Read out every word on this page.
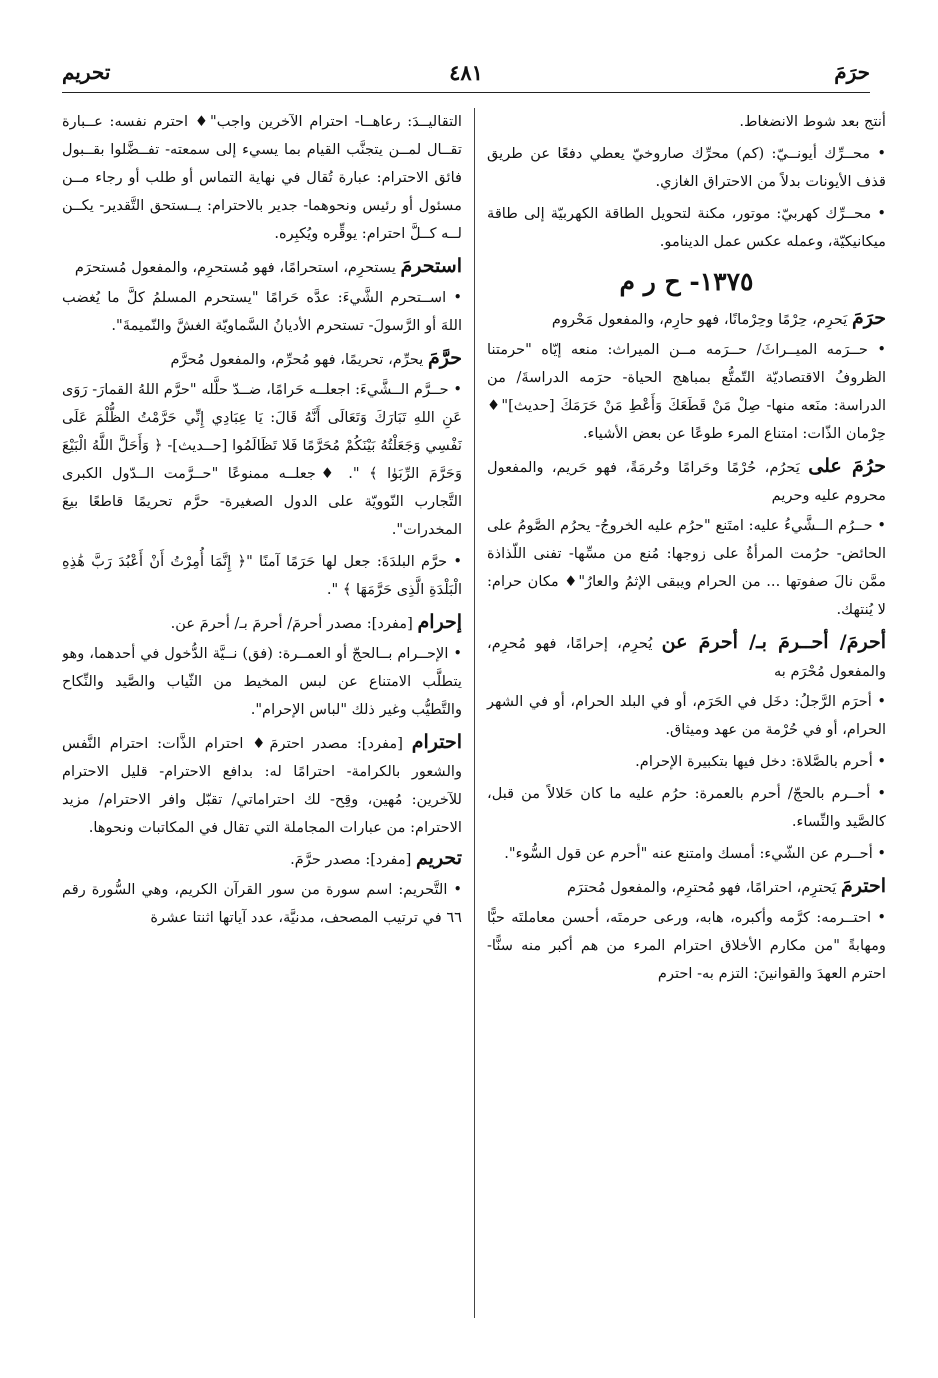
حرَمَ
٤٨١
تحريم

أنتج بعد شوط الانضغاط.

• محــرِّك أيونــيّ: (كم) محرِّك صاروخيّ يعطي دفعًا عن طريق قذف الأيونات بدلاً من الاحتراق الغازي.

• محــرِّك كهربيّ: موتور، مكنة لتحويل الطاقة الكهربيّة إلى طاقة ميكانيكيّة، وعمله عكس عمل الدينامو.

١٣٧٥- ح ر م

حرَمَ يَحرِم، حِرْمًا وحِرْمانًا، فهو حارِم، والمفعول مَحْروم

• حــرَمه الميــراثَ/ حــرَمه مــن الميراث: منعه إيّاه "حرمتنا الظروفُ الاقتصاديّة التّمتُّع بمباهج الحياة- حرَمه الدراسةَ/ من الدراسة: منَعه منها- صِلْ مَنْ قَطَعَكَ وَأَعْطِ مَنْ حَرَمَكَ [حديث]"♦ حِرْمان الذّات: امتناع المرء طوعًا عن بعض الأشياء.

حرُمَ على يَحرُم، حُرْمًا وحَرامًا وحُرمَةً، فهو حَريم، والمفعول محروم عليه وحريم

• حــرُم الــشَّيءُ عليه: امتَنع "حرُم عليه الخروجُ- يحرُم الصَّومُ على الحائض- حرُمت المرأةُ على زوجها: مُنع من مسِّها- تفنى اللّذاذة ممَّن نالَ صفوتها ... من الحرام ويبقى الإثمُ والعارُ"♦ مكان حرام: لا يُنتهك.

أحرمَ/ أحــرمَ بـ/ أحرمَ عن يُحرِم، إحرامًا، فهو مُحرِم، والمفعول مُحْرَم به

• أحرَم الرَّجلُ: دخَل في الحَرَم، أو في البلد الحرام، أو في الشهر الحرام، أو في حُرْمة من عهد وميثاق.

• أحرم بالصَّلاة: دخل فيها بتكبيرة الإحرام.

• أحــرم بالحجّ/ أحرم بالعمرة: حرُم عليه ما كان حَلالاً من قبل، كالصَّيد والنِّساء.

• أحــرم عن الشّيء: أمسك وامتنع عنه "أحرم عن قول السُّوء".

احترمَ يَحترِم، احترامًا، فهو مُحترِم، والمفعول مُحترَم

• احتــرمه: كرَّمه وأكبره، هابه، ورعى حرمتَه، أحسن معاملتَه حبًّا ومهابةً "من مكارم الأخلاق احترام المرء من هم أكبر منه سنًّا- احترم العهدَ والقوانينَ: التزم به- احترم

التقاليــدَ: رعاهــا- احترام الآخرين واجب"♦ احترم نفسه: عــبارة تقــال لمــن يتجنَّب القيام بما يسيء إلى سمعته- تفــضَّلوا بقــبول فائق الاحترام: عبارة تُقال في نهاية التماس أو طلب أو رجاء مــن مسئول أو رئيس ونحوهما- جدير بالاحترام: يــستحق التَّقدير- يكــن لــه كــلَّ احترام: يوقِّره ويُكبِره.

استحرمَ يستحرِم، استحرامًا، فهو مُستحرِم، والمفعول مُستحرَم

• اســتحرم الشَّيءَ: عدَّه حَرامًا "يستحرم المسلمُ كلَّ ما يُغضب اللهَ أو الرَّسولَ- تستحرم الأديانُ السَّماويّة الغشَّ والنّميمةَ".

حرَّمَ يحرِّم، تحريمًا، فهو مُحرِّم، والمفعول مُحرَّم

• حــرَّم الــشَّيءَ: اجعلــه حَرامًا، ضــدّ حلَّله "حرَّم اللهُ القمارَ- رَوَى عَنِ اللهِ تَبَارَكَ وَتَعَالَى أَنَّهُ قَالَ: يَا عِبَادِي إِنِّي حَرَّمْتُ الظُّلْمَ عَلَى نَفْسِي وَجَعَلْتُهُ بَيْنَكُمْ مُحَرَّمًا فَلا تَظَالَمُوا [حــديث]- ﴿ وَأَحَلَّ اللَّهُ الْبَيْعَ وَحَرَّمَ الرِّبَوٰا ﴾ ". ♦جعلــه ممنوعًا "حــرَّمت الــدّول الكبرى التَّجارب النّوويّة على الدول الصغيرة- حرَّم تحريمًا قاطعًا بيعَ المخدرات".

• حرَّم البلدَةَ: جعل لها حَرَمًا آمنًا "﴿ إِنَّمَا أُمِرْتُ أَنْ أَعْبُدَ رَبَّ هَٰذِهِ الْبَلْدَةِ الَّذِى حَرَّمَهَا ﴾ ".

إحرام [مفرد]: مصدر أحرمَ/ أحرمَ بـ/ أحرمَ عن.

• الإحــرام بــالحجّ أو العمــرة: (فق) نــيَّة الدُّخول في أحدهما، وهو يتطلَّب الامتناع عن لبس المخيط من الثّياب والصَّيد والنِّكاح والتَّطيُّب وغير ذلك "لباس الإحرام".

احترام [مفرد]: مصدر احترمَ♦ احترام الذَّات: احترام النَّفس والشعور بالكرامة- احترامًا له: بدافع الاحترام- قليل الاحترام للآخرين: مُهين، وقِح- لك احتراماتي/ تقبّل وافر الاحترام/ مزيد الاحترام: من عبارات المجاملة التي تقال في المكاتبات ونحوها.

تحريم [مفرد]: مصدر حرَّمَ.

• التَّحريم: اسم سورة من سور القرآن الكريم، وهي السُّورة رقم ٦٦ في ترتيب المصحف، مدنيَّة، عدد آياتها اثنتا عشرة
